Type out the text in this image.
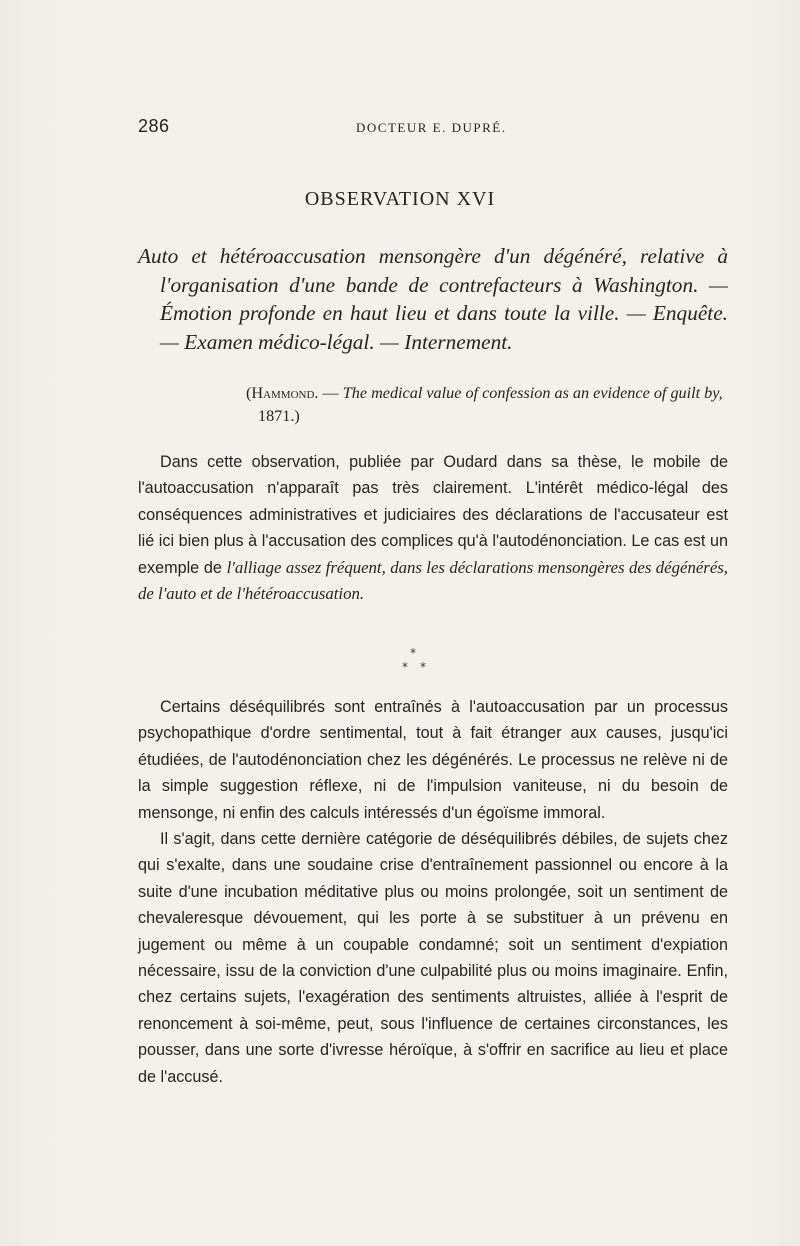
286	DOCTEUR E. DUPRÉ.
OBSERVATION XVI

Auto et hétéroaccusation mensongère d'un dégénéré, relative à l'organisation d'une bande de contrefacteurs à Washington. — Émotion profonde en haut lieu et dans toute la ville. — Enquête. — Examen médico-légal. — Internement.

(Hammond. — The medical value of confession as an evidence of guilt by, 1871.)

Dans cette observation, publiée par Oudard dans sa thèse, le mobile de l'autoaccusation n'apparaît pas très clairement. L'intérêt médico-légal des conséquences administratives et judiciaires des déclarations de l'accusateur est lié ici bien plus à l'accusation des complices qu'à l'autodénonciation. Le cas est un exemple de l'alliage assez fréquent, dans les déclarations mensongères des dégénérés, de l'auto et de l'hétéroaccusation.

*
* *

Certains déséquilibrés sont entraînés à l'autoaccusation par un processus psychopathique d'ordre sentimental, tout à fait étranger aux causes, jusqu'ici étudiées, de l'autodénonciation chez les dégénérés. Le processus ne relève ni de la simple suggestion réflexe, ni de l'impulsion vaniteuse, ni du besoin de mensonge, ni enfin des calculs intéressés d'un égoïsme immoral.

Il s'agit, dans cette dernière catégorie de déséquilibrés débiles, de sujets chez qui s'exalte, dans une soudaine crise d'entraînement passionnel ou encore à la suite d'une incubation méditative plus ou moins prolongée, soit un sentiment de chevaleresque dévouement, qui les porte à se substituer à un prévenu en jugement ou même à un coupable condamné; soit un sentiment d'expiation nécessaire, issu de la conviction d'une culpabilité plus ou moins imaginaire. Enfin, chez certains sujets, l'exagération des sentiments altruistes, alliée à l'esprit de renoncement à soi-même, peut, sous l'influence de certaines circonstances, les pousser, dans une sorte d'ivresse héroïque, à s'offrir en sacrifice au lieu et place de l'accusé.
